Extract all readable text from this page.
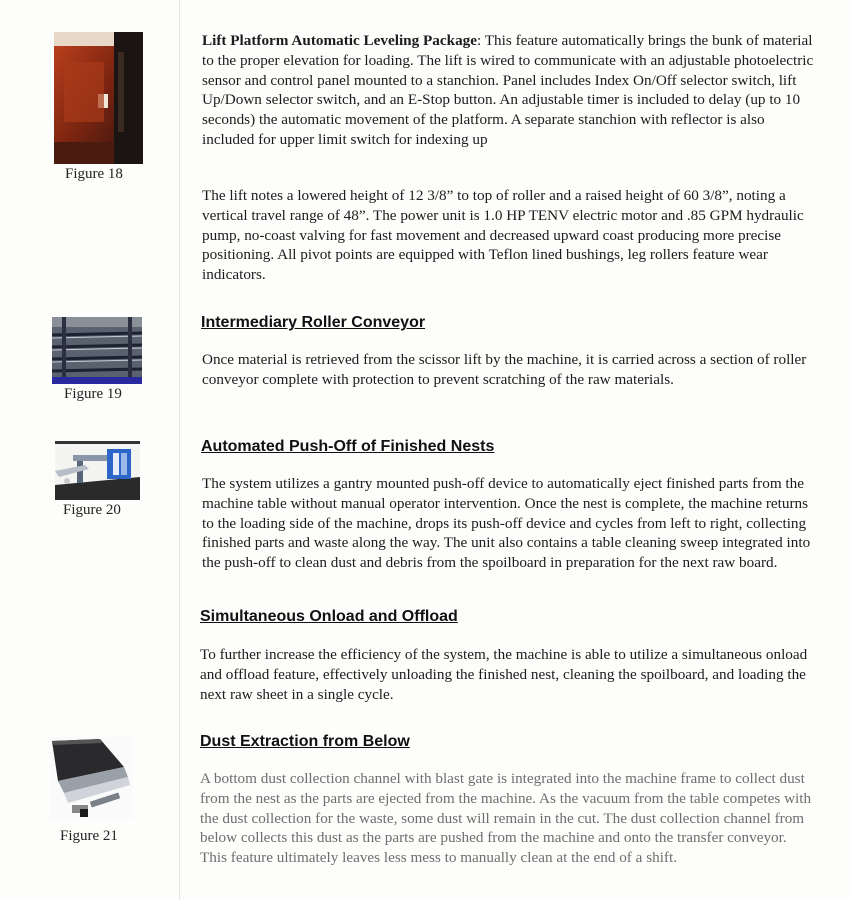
Figure 18
Figure 19
Figure 20
Figure 21

Lift Platform Automatic Leveling Package: This feature automatically brings the bunk of material to the proper elevation for loading. The lift is wired to communicate with an adjustable photoelectric sensor and control panel mounted to a stanchion. Panel includes Index On/Off selector switch, lift Up/Down selector switch, and an E-Stop button. An adjustable timer is included to delay (up to 10 seconds) the automatic movement of the platform. A separate stanchion with reflector is also included for upper limit switch for indexing up

The lift notes a lowered height of 12 3/8” to top of roller and a raised height of 60 3/8”, noting a vertical travel range of 48”. The power unit is 1.0 HP TENV electric motor and .85 GPM hydraulic pump, no-coast valving for fast movement and decreased upward coast producing more precise positioning. All pivot points are equipped with Teflon lined bushings, leg rollers feature wear indicators.

Intermediary Roller Conveyor

Once material is retrieved from the scissor lift by the machine, it is carried across a section of roller conveyor complete with protection to prevent scratching of the raw materials.

Automated Push-Off of Finished Nests

The system utilizes a gantry mounted push-off device to automatically eject finished parts from the machine table without manual operator intervention. Once the nest is complete, the machine returns to the loading side of the machine, drops its push-off device and cycles from left to right, collecting finished parts and waste along the way. The unit also contains a table cleaning sweep integrated into the push-off to clean dust and debris from the spoilboard in preparation for the next raw board.

Simultaneous Onload and Offload

To further increase the efficiency of the system, the machine is able to utilize a simultaneous onload and offload feature, effectively unloading the finished nest, cleaning the spoilboard, and loading the next raw sheet in a single cycle.

Dust Extraction from Below

A bottom dust collection channel with blast gate is integrated into the machine frame to collect dust from the nest as the parts are ejected from the machine. As the vacuum from the table competes with the dust collection for the waste, some dust will remain in the cut. The dust collection channel from below collects this dust as the parts are pushed from the machine and onto the transfer conveyor. This feature ultimately leaves less mess to manually clean at the end of a shift.
